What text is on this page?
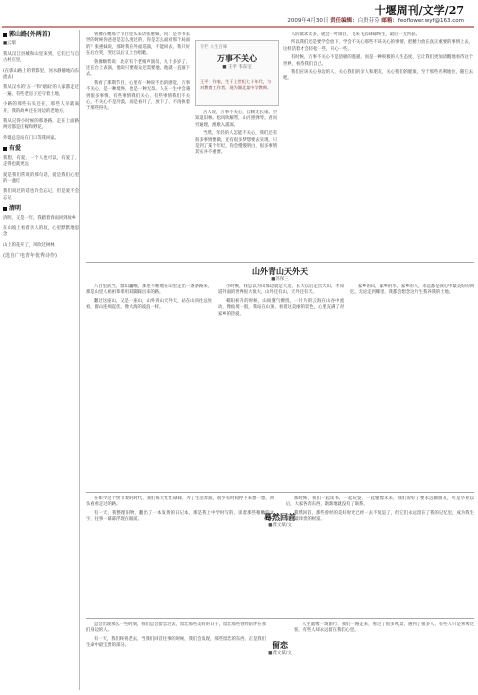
十堰周刊/文学/27
2009年4月30日 责任编辑：白贵芬芬 邮箱：feoflower.wyf@163.com
郭山路(外两首)
■云瑞

我从汉江县城和山里来到，它们已与自古村庄里，

(在郭山路上的背影里，河水静静地向东流去)

我从汉水的'五一'和'烟雨'的人家都走过一遍，有些老房子还守着土地，

小路的那些石头还在，那些人早就离开，我的故乡还在河边的老地方，

我从记得小时候的那条路，走在上面路两旁都是庄稼和野花，

外婆总是站在门口等我回家。

有爱

我想，有爱，一个人也可以，有爱了，走得也就更远

爱是我们常说的那句话，爱是我们心里的一盏灯

我们说过的话也许会忘记，但是爱不会忘记

清明

清明，又是一年，我踏着春雨回到故乡

在山坡上看着亲人的坟，心里默默地思念

山上的花开了，风吹过树林

(选自广电青年优秀诗作)

鲁豫在她那个节目里头采访张惠妹，问：是爷爷去世的时候你爸爸是怎么度过的，你是怎么面对那个局面的？张惠妹说，那时我在外面巡演，不能回去，我只好在后台哭，哭过以后又上台唱歌。

鲁豫顺势说：北京有个老相声演员，九十多岁了，还在台上表演，他说只要观众还需要他，他就一直演下去。

我看了那期节目，心里有一种说不出的感觉，万事不关心，是一种境界，也是一种无奈。人在一生中会遇到很多事情，有些事情我们关心，有些事情我们不关心，不关心不是冷漠，而是看开了，放下了，不再执着于那些得失。

专栏 人生百味
万事不关心
■ 王平 韦东宝
王平：作家，生于上世纪七十年代，与对教育工作者，现为湖北某中学教师。

古人说，万事不关心，自顾无长策。空知返旧林。松风吹解带，山月照弹琴。君问穷通理，渔歌入浦深。

当然，年轻的人怎能不关心，我们还有很多事情要做，还有很多梦想要去实现，只是到了某个年纪，你会慢慢明白，很多事情其实并不重要。

人的欲求太多，就会一叶障目，飞来飞去碌碌终生，最后一无所获。

所以我们还是要学会放下，学会不关心那些不该关心的事情，把精力放在真正重要的事情上去，这样活着才会轻松一些，开心一些。

有时候，万事不关心不是消极的逃避，而是一种积极的人生态度，它让我们更加清醒地看待这个世界，看待我们自己。

我们应该关心身边的人，关心我们的亲人和朋友，关心我们的健康，至于那些名利地位，随它去吧。

山外青山天外天
■苏保三

八百里武当，群山巍峨，那里不断地在山里走出一条条路来，那是山里人祖祖辈辈用双脚踩出来的路。

翻过这座山，又是一座山，山外青山天外天，站在山顶往远处看，群山连绵起伏，像大海的波浪一样。

小时候，我总以为山那边就是天边，长大以后走出大山，才知道外面的世界很大很大，山外还有山，天外还有天。

朝阳初升的时候，山间雾气缭绕，一片片的云海在山谷中流动，像仙境一般，我站在山顶，看着这美丽的景色，心里充满了对家乡的热爱。

家乡的山，家乡的水，家乡的人，永远都是我心中最美好的回忆。无论走到哪里，我都会想念这片生我养我的土地。

蓦然回首
■龚文斌/文

在如今这个快节奏的时代，我们每天忙忙碌碌，为了生活奔波，很少有时间停下来想一想，回头看看走过的路。

有一天，我整理旧物，翻出了一本发黄的日记本，那是我上中学时写的，读着那些稚嫩的文字，往事一幕幕浮现在眼前。

那时候，我们一起读书，一起玩耍，一起憧憬未来，我们说好了要永远做朋友，可是毕业以后，大家各奔东西，渐渐地就没有了联系。

蓦然回首，那些曾经的美好时光已经一去不复返了，但它们永远留在了我的记忆里，成为我生命中最珍贵的财富。

留恋
■龚文斌/文

总会出现那么一些时刻，我们总会留恋过去，留恋那些美好的日子，留恋那些曾经陪伴在我们身边的人。

有一天，我们终将老去，当我们回首往事的时候，我们会发现，那些留恋的东西，正是我们生命中最宝贵的部分。

人生就像一场旅行，我们一路走来，看过了很多风景，遇到了很多人，有些人只是匆匆过客，有些人却永远留在我们心里。
